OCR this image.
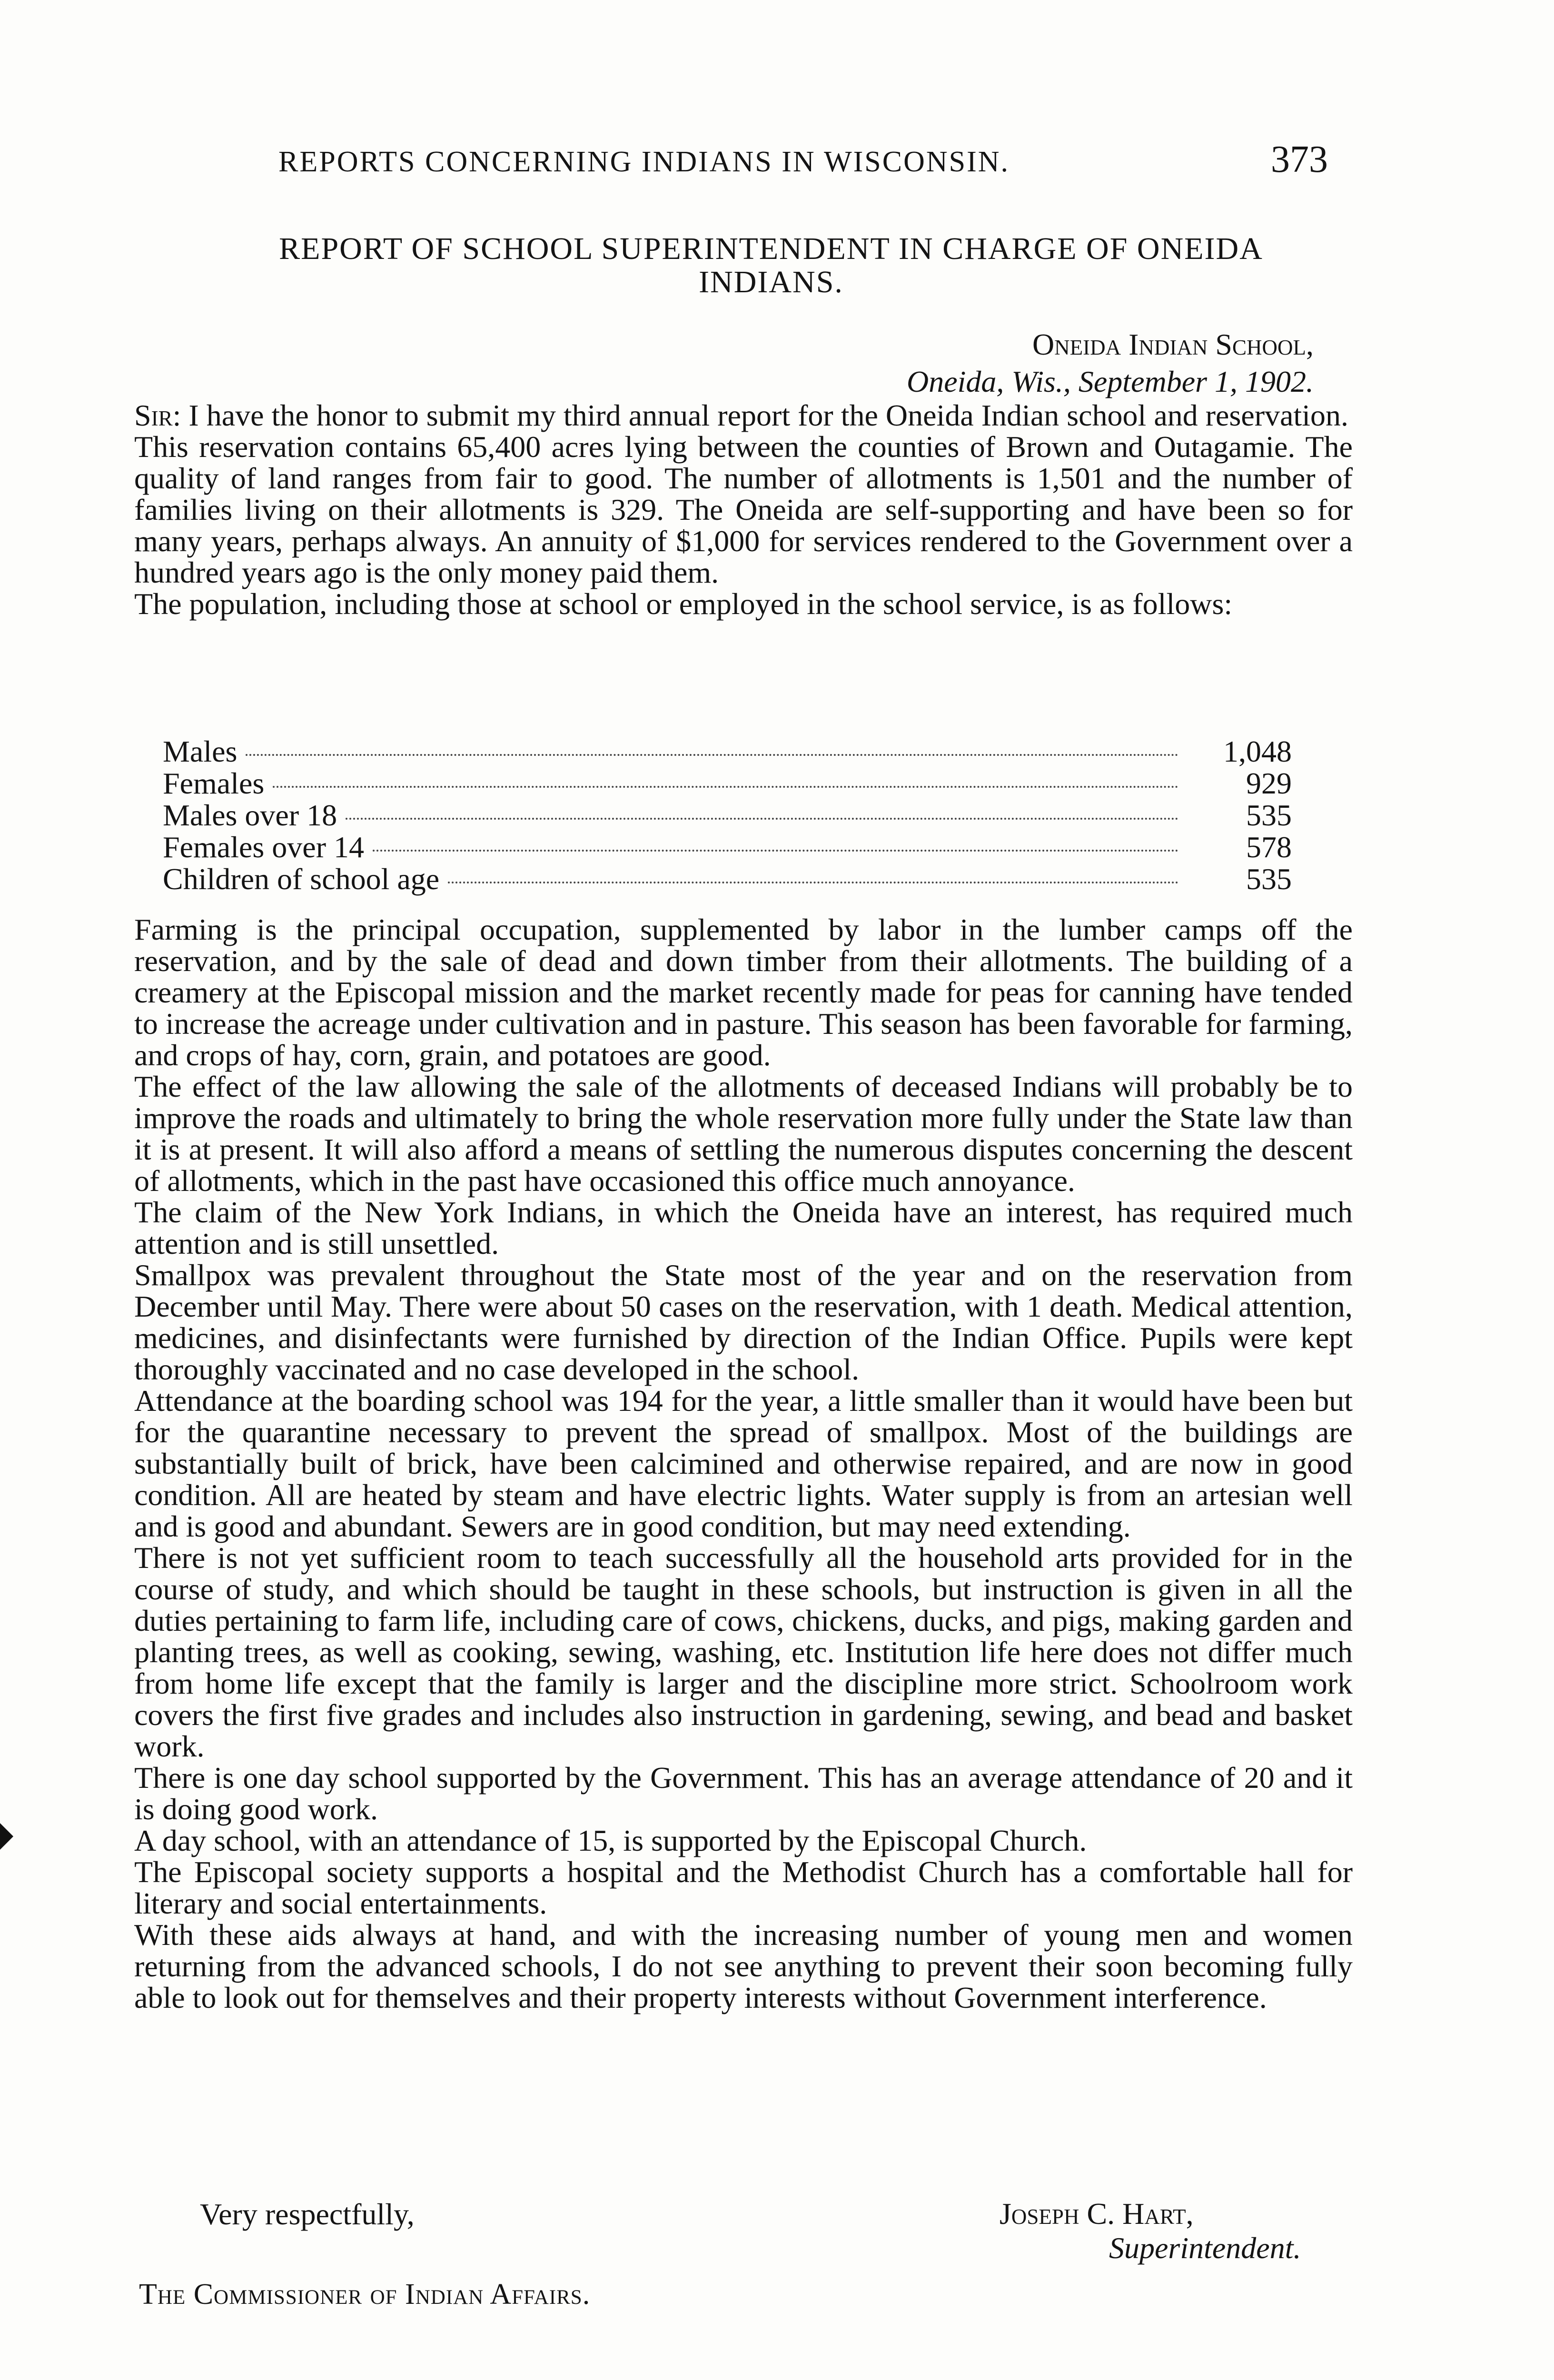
REPORTS CONCERNING INDIANS IN WISCONSIN.	373
REPORT OF SCHOOL SUPERINTENDENT IN CHARGE OF ONEIDA
INDIANS.
Oneida Indian School,
Oneida, Wis., September 1, 1902.

Sir: I have the honor to submit my third annual report for the Oneida Indian school and reservation.

This reservation contains 65,400 acres lying between the counties of Brown and Outagamie. The quality of land ranges from fair to good. The number of allotments is 1,501 and the number of families living on their allotments is 329. The Oneida are self-supporting and have been so for many years, perhaps always. An annuity of $1,000 for services rendered to the Government over a hundred years ago is the only money paid them.

The population, including those at school or employed in the school service, is as follows:

Males	1,048
Females	929
Males over 18	535
Females over 14	578
Children of school age	535

Farming is the principal occupation, supplemented by labor in the lumber camps off the reservation, and by the sale of dead and down timber from their allotments. The building of a creamery at the Episcopal mission and the market recently made for peas for canning have tended to increase the acreage under cultivation and in pasture. This season has been favorable for farming, and crops of hay, corn, grain, and potatoes are good.

The effect of the law allowing the sale of the allotments of deceased Indians will probably be to improve the roads and ultimately to bring the whole reservation more fully under the State law than it is at present. It will also afford a means of settling the numerous disputes concerning the descent of allotments, which in the past have occasioned this office much annoyance.

The claim of the New York Indians, in which the Oneida have an interest, has required much attention and is still unsettled.

Smallpox was prevalent throughout the State most of the year and on the reservation from December until May. There were about 50 cases on the reservation, with 1 death. Medical attention, medicines, and disinfectants were furnished by direction of the Indian Office. Pupils were kept thoroughly vaccinated and no case developed in the school.

Attendance at the boarding school was 194 for the year, a little smaller than it would have been but for the quarantine necessary to prevent the spread of smallpox. Most of the buildings are substantially built of brick, have been calcimined and otherwise repaired, and are now in good condition. All are heated by steam and have electric lights. Water supply is from an artesian well and is good and abundant. Sewers are in good condition, but may need extending.

There is not yet sufficient room to teach successfully all the household arts provided for in the course of study, and which should be taught in these schools, but instruction is given in all the duties pertaining to farm life, including care of cows, chickens, ducks, and pigs, making garden and planting trees, as well as cooking, sewing, washing, etc. Institution life here does not differ much from home life except that the family is larger and the discipline more strict. Schoolroom work covers the first five grades and includes also instruction in gardening, sewing, and bead and basket work.

There is one day school supported by the Government. This has an average attendance of 20 and it is doing good work.

A day school, with an attendance of 15, is supported by the Episcopal Church.

The Episcopal society supports a hospital and the Methodist Church has a comfortable hall for literary and social entertainments.

With these aids always at hand, and with the increasing number of young men and women returning from the advanced schools, I do not see anything to prevent their soon becoming fully able to look out for themselves and their property interests without Government interference.

Very respectfully,	Joseph C. Hart,
Superintendent.
The Commissioner of Indian Affairs.
